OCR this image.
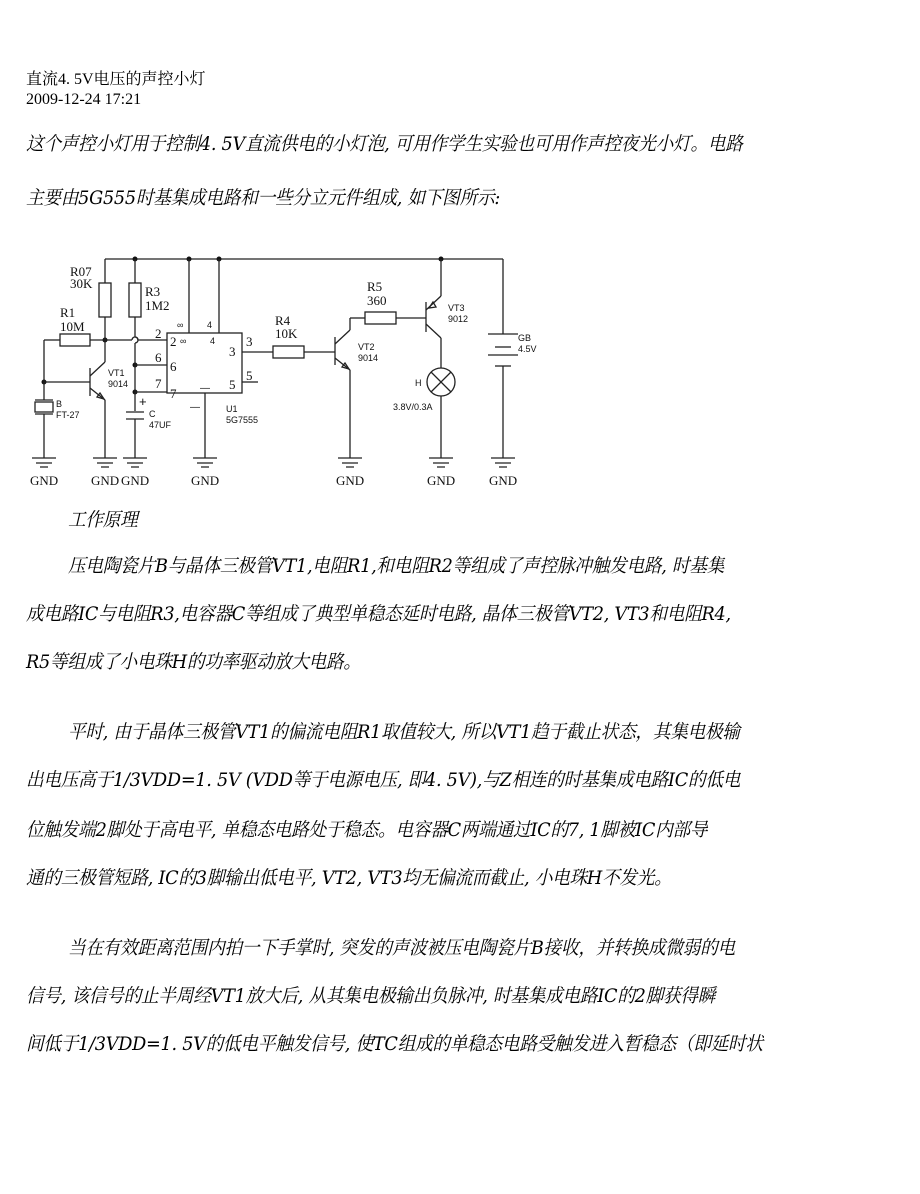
直流4. 5V电压的声控小灯
2009-12-24 17:21
这个声控小灯用于控制4. 5V直流供电的小灯泡, 可用作学生实验也可用作声控夜光小灯。电路
主要由5G555时基集成电路和一些分立元件组成, 如下图所示:
R07
30K
R3
1M2
R1
10M	R4
10K
R5
360
VT1
9014
VT2
9014
VT3
9012
B
FT-27
+
C
47UF
U1
5G7555
GB
4.5V
H
3.8V/0.3A
2
2
6
6
7
7
3
3
5
5
∞
∞
4
4
—
—
GND	GND GND	GND	GND	GND	GND
工作原理
压电陶瓷片B与晶体三极管VT1,电阻R1,和电阻R2等组成了声控脉冲触发电路, 时基集
成电路IC与电阻R3,电容器C等组成了典型单稳态延时电路, 晶体三极管VT2, VT3和电阻R4,
R5等组成了小电珠H的功率驱动放大电路。
平时, 由于晶体三极管VT1的偏流电阻R1取值较大, 所以VT1趋于截止状态，其集电极输
出电压高于1/3VDD=1. 5V (VDD等于电源电压, 即4. 5V),与Z相连的时基集成电路IC的低电
位触发端2脚处于高电平, 单稳态电路处于稳态。电容器C两端通过IC的7, 1脚被IC内部导
通的三极管短路, IC的3脚输出低电平, VT2, VT3均无偏流而截止, 小电珠H不发光。
当在有效距离范围内拍一下手掌时, 突发的声波被压电陶瓷片B接收，并转换成微弱的电
信号, 该信号的止半周经VT1放大后, 从其集电极输出负脉冲, 时基集成电路IC的2脚获得瞬
间低于1/3VDD=1. 5V的低电平触发信号, 使TC组成的单稳态电路受触发进入暂稳态（即延时状
